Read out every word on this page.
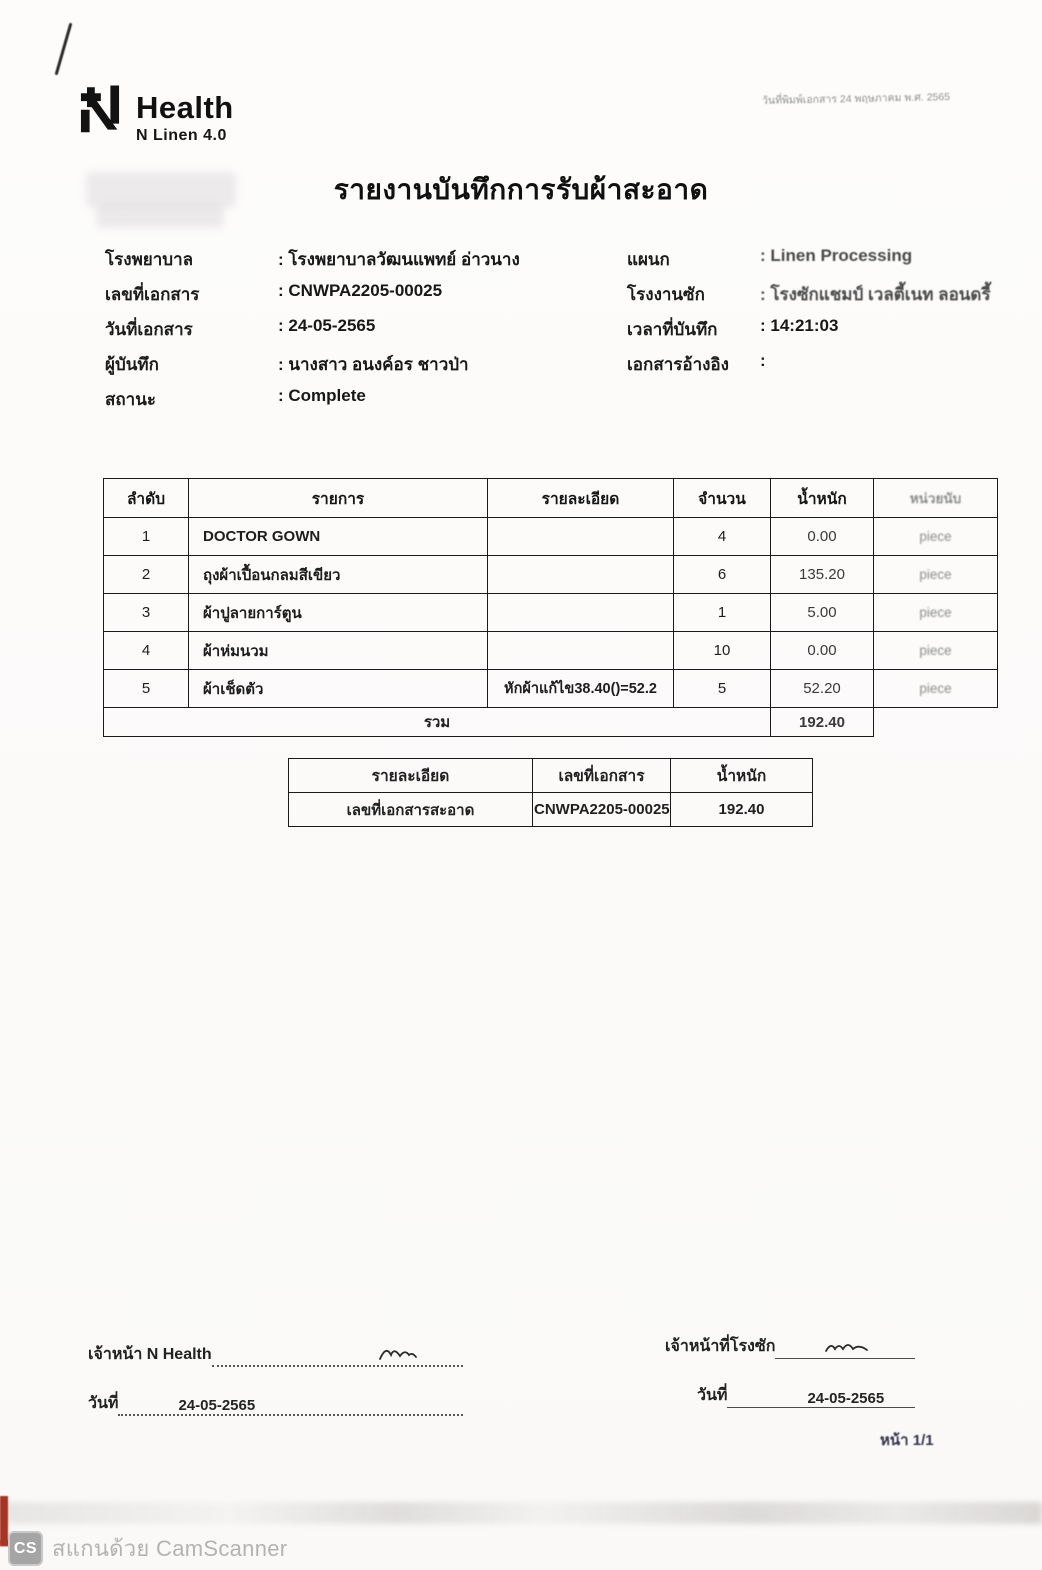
Health
N Linen 4.0
วันที่พิมพ์เอกสาร 24 พฤษภาคม พ.ศ. 2565
รายงานบันทึกการรับผ้าสะอาด
โรงพยาบาล	: โรงพยาบาลวัฒนแพทย์ อ่าวนาง
เลขที่เอกสาร	: CNWPA2205-00025
วันที่เอกสาร	: 24-05-2565
ผู้บันทึก	: นางสาว อนงค์อร ชาวป่า
สถานะ	: Complete
แผนก	: Linen Processing
โรงงานซัก	: โรงซักแชมป์ เวลตี้เนท ลอนดรี้
เวลาที่บันทึก	: 14:21:03
เอกสารอ้างอิง	:
ลำดับ	รายการ	รายละเอียด	จำนวน	น้ำหนัก	หน่วยนับ
1	DOCTOR GOWN		4	0.00	piece
2	ถุงผ้าเปื้อนกลมสีเขียว		6	135.20	piece
3	ผ้าปูลายการ์ตูน		1	5.00	piece
4	ผ้าห่มนวม		10	0.00	piece
5	ผ้าเช็ดตัว	หักผ้าแก้ไข38.40()=52.2	5	52.20	piece
รวม				192.40	
รายละเอียด	เลขที่เอกสาร	น้ำหนัก
เลขที่เอกสารสะอาด	CNWPA2205-00025	192.40
เจ้าหน้า N Health
วันที่	24-05-2565
เจ้าหน้าที่โรงซัก
วันที่	24-05-2565
หน้า 1/1
CS สแกนด้วย CamScanner
